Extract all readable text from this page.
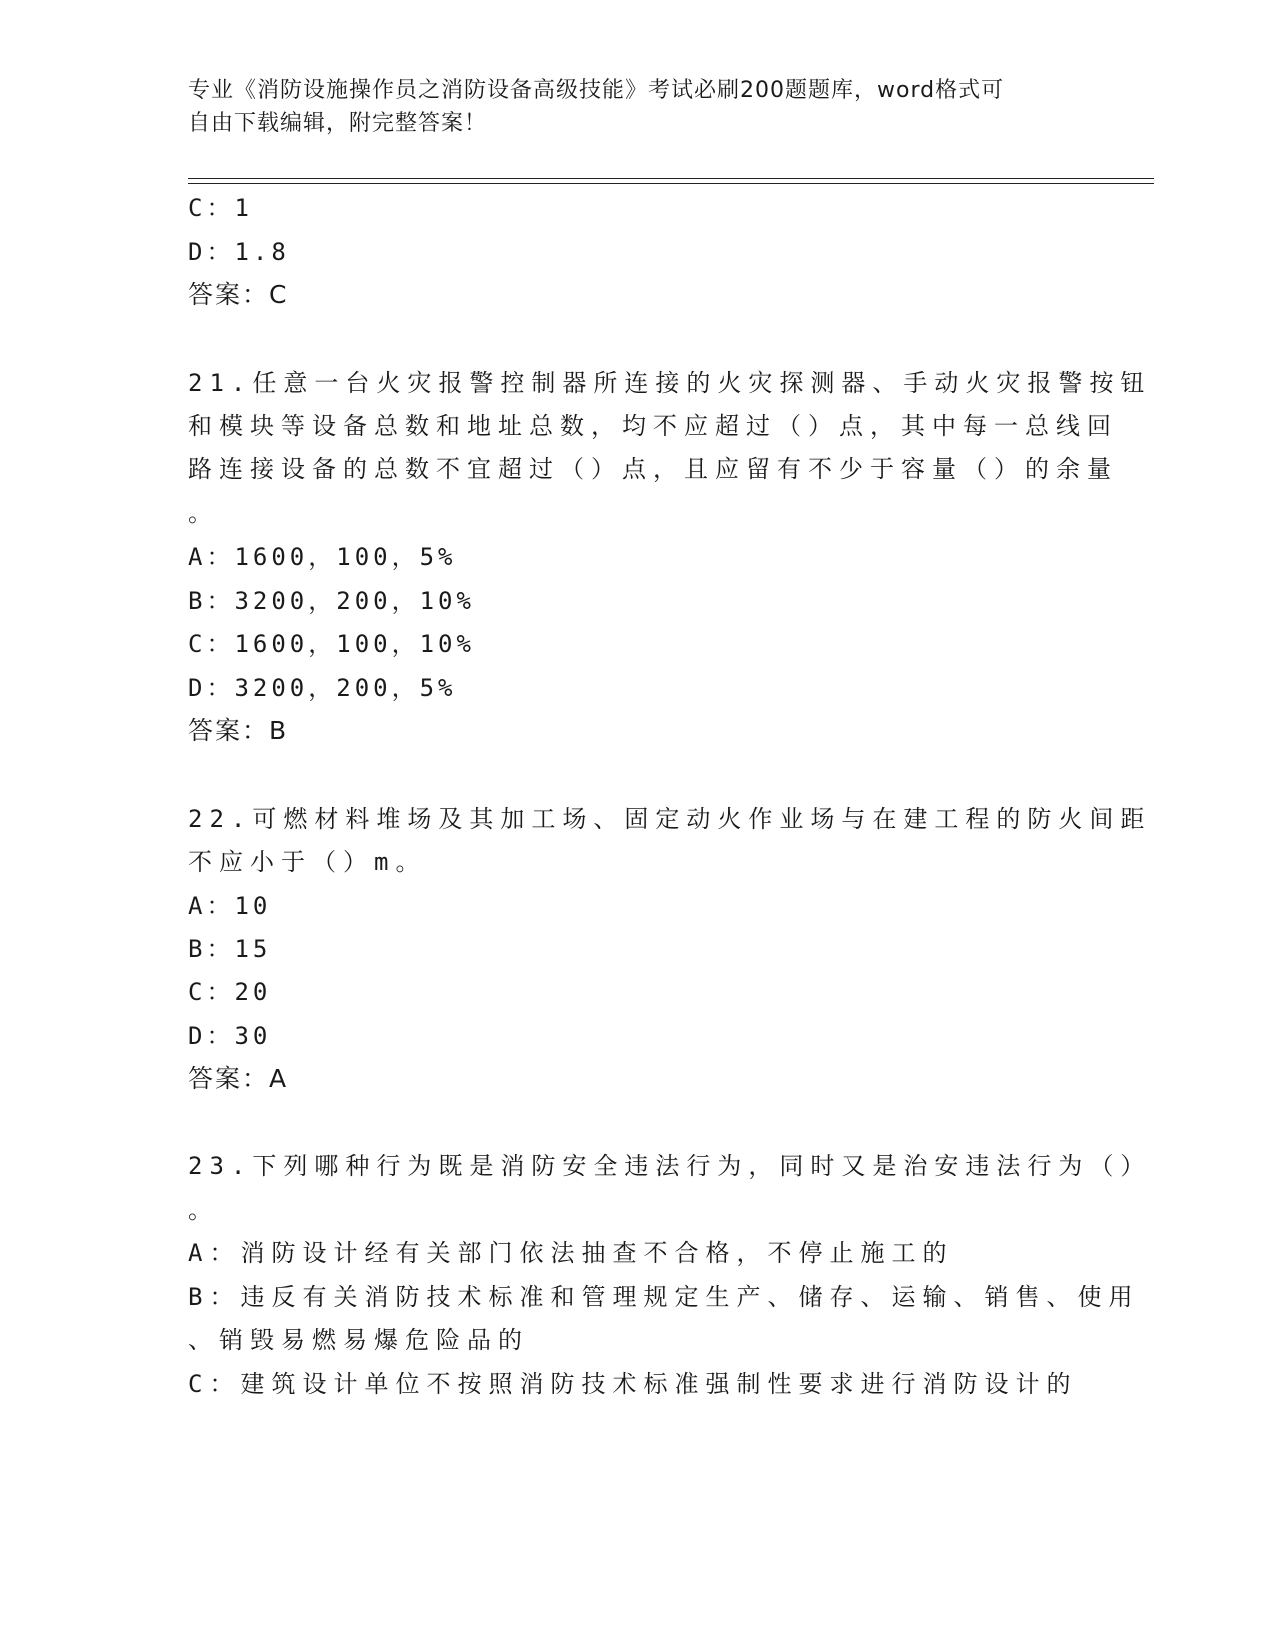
专业《消防设施操作员之消防设备高级技能》考试必刷200题题库，word格式可
自由下载编辑，附完整答案！
C：1
D：1.8
答案：C
21.任意一台火灾报警控制器所连接的火灾探测器、手动火灾报警按钮
和模块等设备总数和地址总数，均不应超过（）点，其中每一总线回
路连接设备的总数不宜超过（）点，且应留有不少于容量（）的余量
。
A：1600，100，5%
B：3200，200，10%
C：1600，100，10%
D：3200，200，5%
答案：B
22.可燃材料堆场及其加工场、固定动火作业场与在建工程的防火间距
不应小于（）m。
A：10
B：15
C：20
D：30
答案：A
23.下列哪种行为既是消防安全违法行为，同时又是治安违法行为（）
。
A：消防设计经有关部门依法抽查不合格，不停止施工的
B：违反有关消防技术标准和管理规定生产、储存、运输、销售、使用
、销毁易燃易爆危险品的
C：建筑设计单位不按照消防技术标准强制性要求进行消防设计的
